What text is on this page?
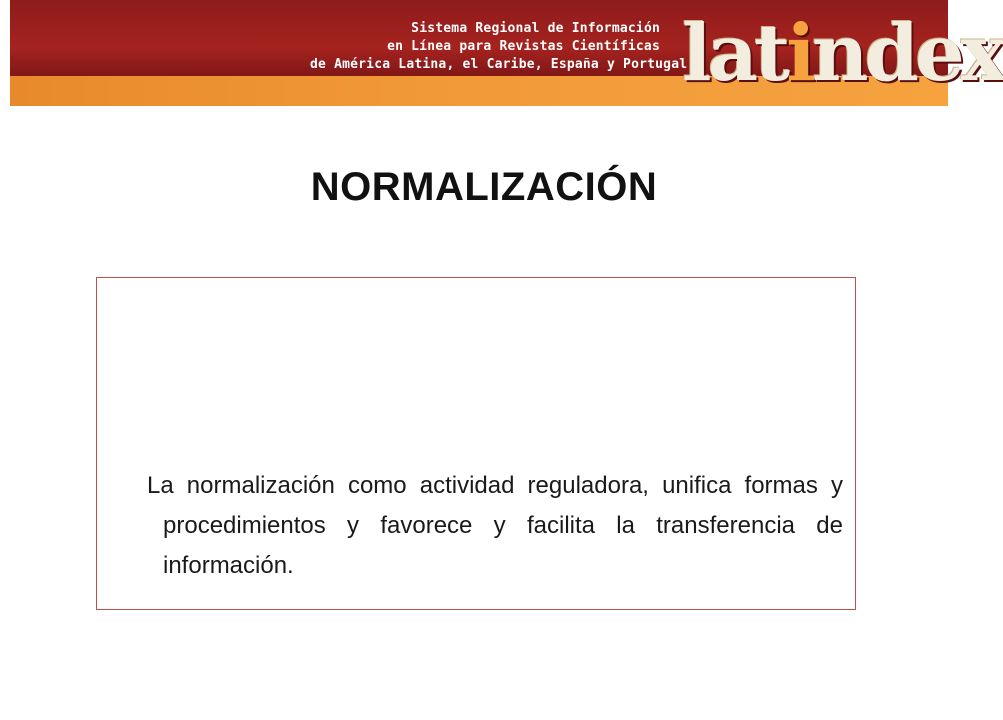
Sistema Regional de Información
en Línea para Revistas Científicas
de América Latina, el Caribe, España y Portugal
latindex
NORMALIZACIÓN
La normalización como actividad reguladora, unifica formas y procedimientos y favorece y facilita la transferencia de información.
